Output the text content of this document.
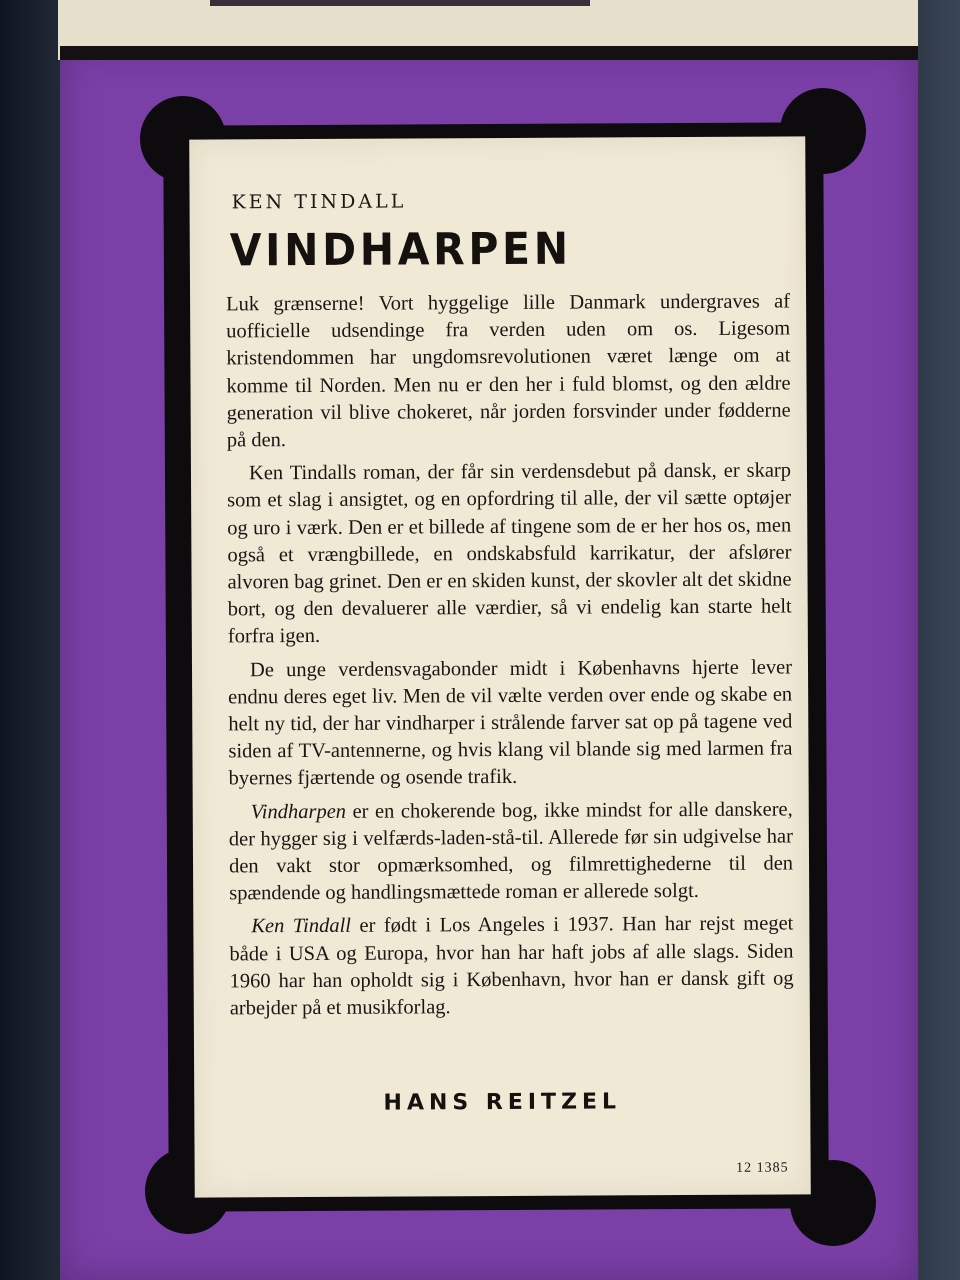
KEN TINDALL
VINDHARPEN

Luk grænserne! Vort hyggelige lille Danmark undergraves af uofficielle udsendinge fra verden uden om os. Ligesom kristendommen har ungdomsrevolutionen været længe om at komme til Norden. Men nu er den her i fuld blomst, og den ældre generation vil blive chokeret, når jorden forsvinder under fødderne på den.

Ken Tindalls roman, der får sin verdensdebut på dansk, er skarp som et slag i ansigtet, og en opfordring til alle, der vil sætte optøjer og uro i værk. Den er et billede af tingene som de er her hos os, men også et vrængbillede, en ondskabsfuld karrikatur, der afslører alvoren bag grinet. Den er en skiden kunst, der skovler alt det skidne bort, og den devaluerer alle værdier, så vi endelig kan starte helt forfra igen.

De unge verdensvagabonder midt i Københavns hjerte lever endnu deres eget liv. Men de vil vælte verden over ende og skabe en helt ny tid, der har vindharper i strålende farver sat op på tagene ved siden af TV-antennerne, og hvis klang vil blande sig med larmen fra byernes fjærtende og osende trafik.

Vindharpen er en chokerende bog, ikke mindst for alle danskere, der hygger sig i velfærds-laden-stå-til. Allerede før sin udgivelse har den vakt stor opmærksomhed, og filmrettighederne til den spændende og handlingsmættede roman er allerede solgt.

Ken Tindall er født i Los Angeles i 1937. Han har rejst meget både i USA og Europa, hvor han har haft jobs af alle slags. Siden 1960 har han opholdt sig i København, hvor han er dansk gift og arbejder på et musikforlag.

HANS REITZEL
12 1385
